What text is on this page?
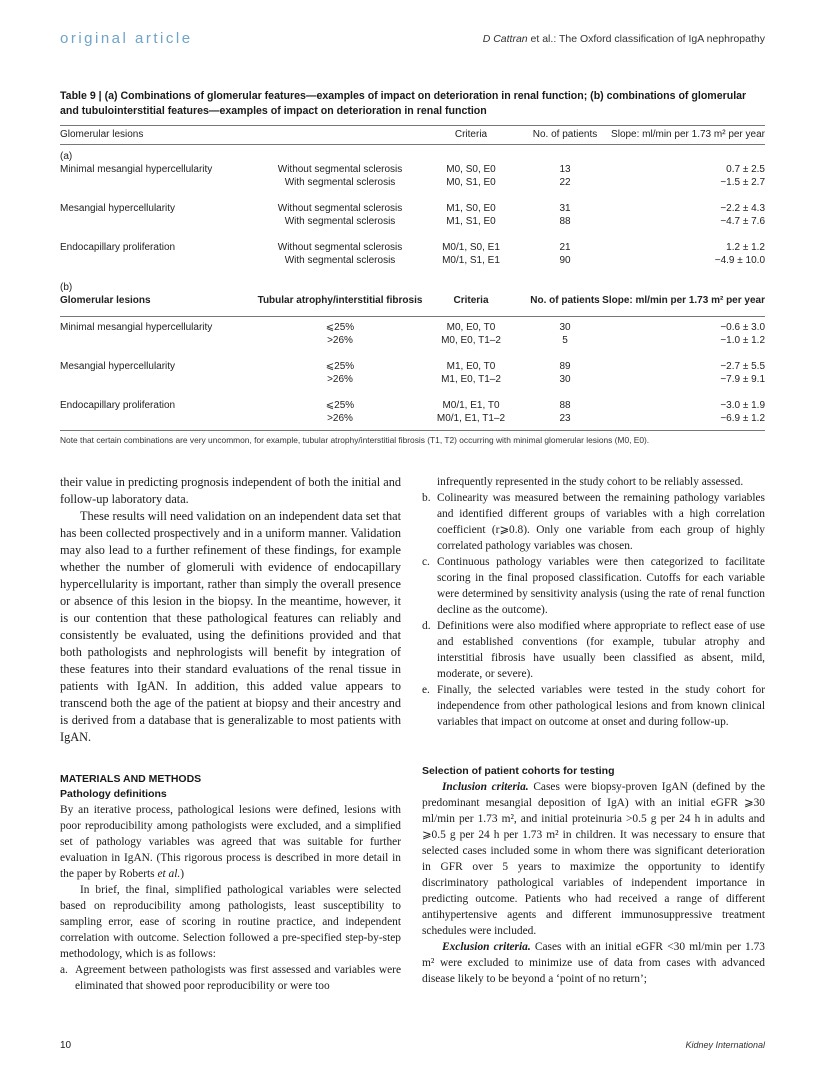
original article	D Cattran et al.: The Oxford classification of IgA nephropathy
Table 9 | (a) Combinations of glomerular features—examples of impact on deterioration in renal function; (b) combinations of glomerular and tubulointerstitial features—examples of impact on deterioration in renal function
Glomerular lesions	Criteria	No. of patients	Slope: ml/min per 1.73 m² per year
(a)
Minimal mesangial hypercellularity	Without segmental sclerosis	M0, S0, E0	13	0.7 ± 2.5
With segmental sclerosis	M0, S1, E0	22	−1.5 ± 2.7
Mesangial hypercellularity	Without segmental sclerosis	M1, S0, E0	31	−2.2 ± 4.3
With segmental sclerosis	M1, S1, E0	88	−4.7 ± 7.6
Endocapillary proliferation	Without segmental sclerosis	M0/1, S0, E1	21	1.2 ± 1.2
With segmental sclerosis	M0/1, S1, E1	90	−4.9 ± 10.0
(b)
Glomerular lesions	Tubular atrophy/interstitial fibrosis	Criteria	No. of patients Slope: ml/min per 1.73 m² per year
Minimal mesangial hypercellularity	⩽25%	M0, E0, T0	30	−0.6 ± 3.0
>26%	M0, E0, T1–2	5	−1.0 ± 1.2
Mesangial hypercellularity	⩽25%	M1, E0, T0	89	−2.7 ± 5.5
>26%	M1, E0, T1–2	30	−7.9 ± 9.1
Endocapillary proliferation	⩽25%	M0/1, E1, T0	88	−3.0 ± 1.9
>26%	M0/1, E1, T1–2	23	−6.9 ± 1.2
Note that certain combinations are very uncommon, for example, tubular atrophy/interstitial fibrosis (T1, T2) occurring with minimal glomerular lesions (M0, E0).

their value in predicting prognosis independent of both the initial and follow-up laboratory data.

These results will need validation on an independent data set that has been collected prospectively and in a uniform manner. Validation may also lead to a further refinement of these findings, for example whether the number of glomeruli with evidence of endocapillary hypercellularity is important, rather than simply the overall presence or absence of this lesion in the biopsy. In the meantime, however, it is our contention that these pathological features can reliably and consistently be evaluated, using the definitions provided and that both pathologists and nephrologists will benefit by integration of these features into their standard evaluations of the renal tissue in patients with IgAN. In addition, this added value appears to transcend both the age of the patient at biopsy and their ancestry and is derived from a database that is generalizable to most patients with IgAN.

MATERIALS AND METHODS

Pathology definitions

By an iterative process, pathological lesions were defined, lesions with poor reproducibility among pathologists were excluded, and a simplified set of pathology variables was agreed that was suitable for further evaluation in IgAN. (This rigorous process is described in more detail in the paper by Roberts et al.)

In brief, the final, simplified pathological variables were selected based on reproducibility among pathologists, least susceptibility to sampling error, ease of scoring in routine practice, and independent correlation with outcome. Selection followed a pre-specified step-by-step methodology, which is as follows:

a. Agreement between pathologists was first assessed and variables were eliminated that showed poor reproducibility or were too
infrequently represented in the study cohort to be reliably assessed.
b. Colinearity was measured between the remaining pathology variables and identified different groups of variables with a high correlation coefficient (r⩾0.8). Only one variable from each group of highly correlated pathology variables was chosen.
c. Continuous pathology variables were then categorized to facilitate scoring in the final proposed classification. Cutoffs for each variable were determined by sensitivity analysis (using the rate of renal function decline as the outcome).
d. Definitions were also modified where appropriate to reflect ease of use and established conventions (for example, tubular atrophy and interstitial fibrosis have usually been classified as absent, mild, moderate, or severe).
e. Finally, the selected variables were tested in the study cohort for independence from other pathological lesions and from known clinical variables that impact on outcome at onset and during follow-up.

Selection of patient cohorts for testing

Inclusion criteria. Cases were biopsy-proven IgAN (defined by the predominant mesangial deposition of IgA) with an initial eGFR ⩾30 ml/min per 1.73 m², and initial proteinuria >0.5 g per 24 h in adults and ⩾0.5 g per 24 h per 1.73 m² in children. It was necessary to ensure that selected cases included some in whom there was significant deterioration in GFR over 5 years to maximize the opportunity to identify discriminatory pathological variables of independent importance in predicting outcome. Patients who had received a range of different antihypertensive agents and different immunosuppressive treatment schedules were included.

Exclusion criteria. Cases with an initial eGFR <30 ml/min per 1.73 m² were excluded to minimize use of data from cases with advanced disease likely to be beyond a ‘point of no return’;

10	Kidney International
